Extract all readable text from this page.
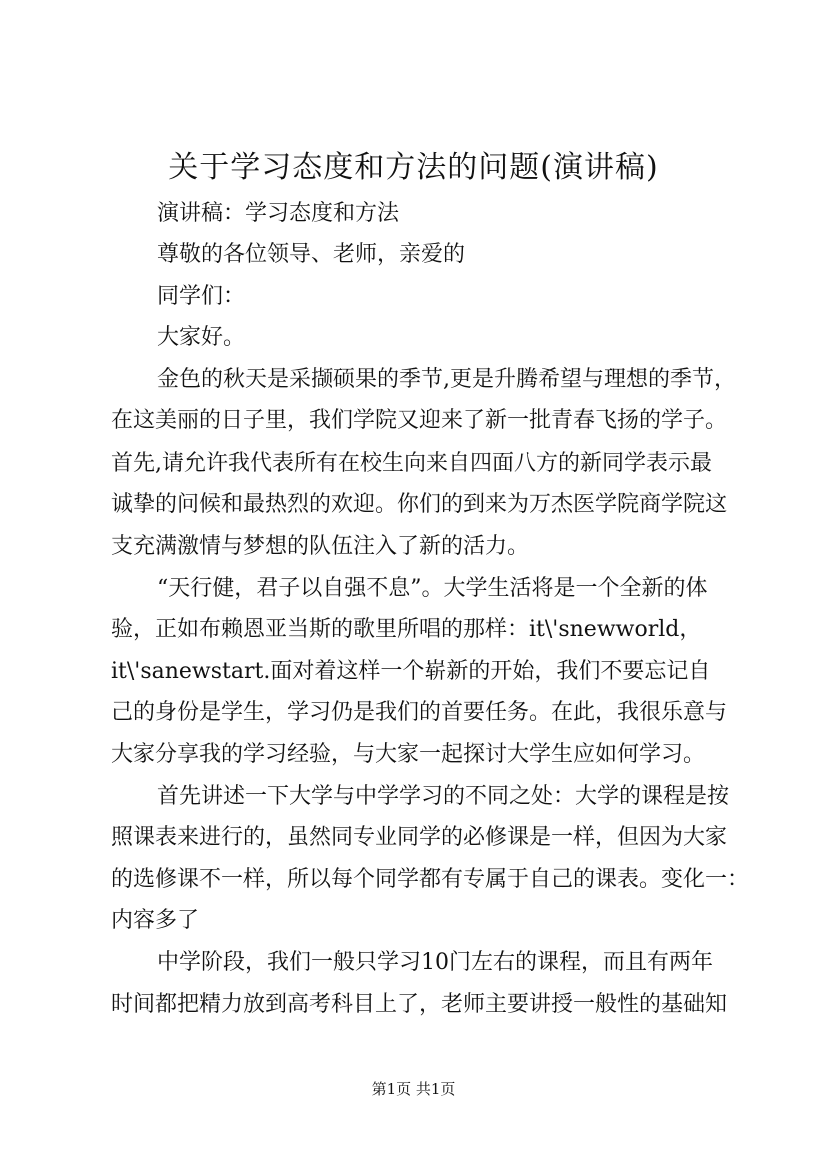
关于学习态度和方法的问题(演讲稿)
演讲稿：学习态度和方法
尊敬的各位领导、老师，亲爱的
同学们：
大家好。
金色的秋天是采撷硕果的季节,更是升腾希望与理想的季节，
在这美丽的日子里，我们学院又迎来了新一批青春飞扬的学子。
首先,请允许我代表所有在校生向来自四面八方的新同学表示最
诚挚的问候和最热烈的欢迎。你们的到来为万杰医学院商学院这
支充满激情与梦想的队伍注入了新的活力。
“天行健，君子以自强不息”。大学生活将是一个全新的体
验，正如布赖恩亚当斯的歌里所唱的那样：it\'snewworld，
it\'sanewstart.面对着这样一个崭新的开始，我们不要忘记自
己的身份是学生，学习仍是我们的首要任务。在此，我很乐意与
大家分享我的学习经验，与大家一起探讨大学生应如何学习。
首先讲述一下大学与中学学习的不同之处：大学的课程是按
照课表来进行的，虽然同专业同学的必修课是一样，但因为大家
的选修课不一样，所以每个同学都有专属于自己的课表。变化一：
内容多了
中学阶段，我们一般只学习10门左右的课程，而且有两年
时间都把精力放到高考科目上了，老师主要讲授一般性的基础知
第1页 共1页
